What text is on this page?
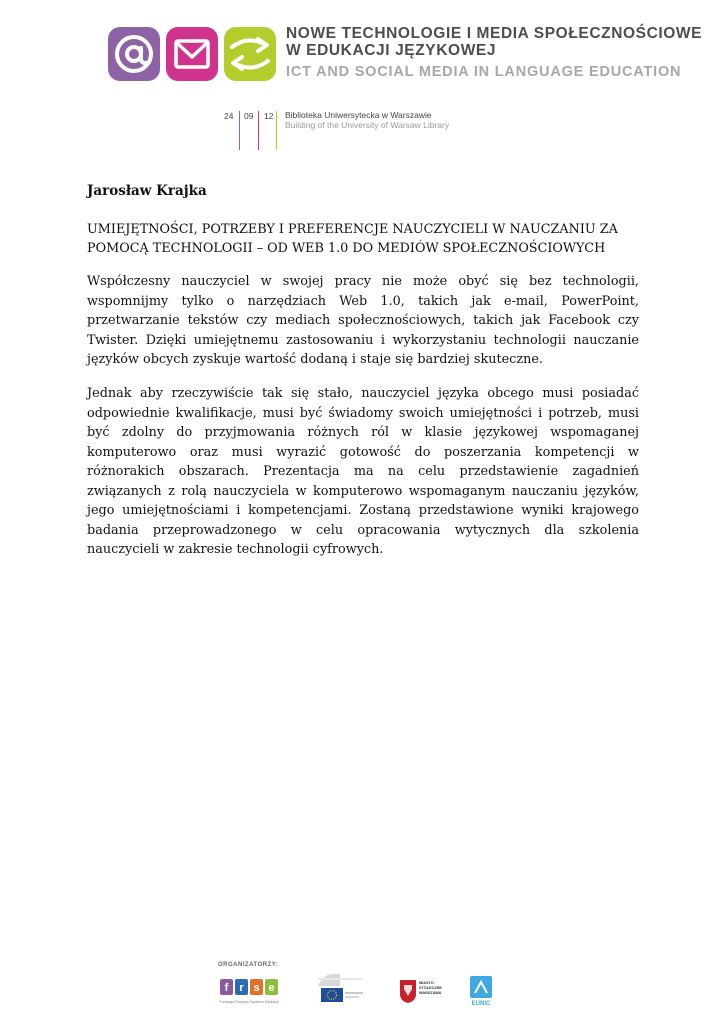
NOWE TECHNOLOGIE I MEDIA SPOŁECZNOŚCIOWE
W EDUKACJI JĘZYKOWEJ
ICT AND SOCIAL MEDIA IN LANGUAGE EDUCATION
24 09 12 Biblioteka Uniwersytecka w Warszawie
Building of the University of Warsaw Library
Jarosław Krajka
UMIEJĘTNOŚCI, POTRZEBY I PREFERENCJE NAUCZYCIELI W NAUCZANIU ZA POMOCĄ TECHNOLOGII – OD WEB 1.0 DO MEDIÓW SPOŁECZNOŚCIOWYCH
Współczesny nauczyciel w swojej pracy nie może obyć się bez technologii, wspomnijmy tylko o narzędziach Web 1.0, takich jak e-mail, PowerPoint, przetwarzanie tekstów czy mediach społecznościowych, takich jak Facebook czy Twister. Dzięki umiejętnemu zastosowaniu i wykorzystaniu technologii nauczanie języków obcych zyskuje wartość dodaną i staje się bardziej skuteczne.
Jednak aby rzeczywiście tak się stało, nauczyciel języka obcego musi posiadać odpowiednie kwalifikacje, musi być świadomy swoich umiejętności i potrzeb, musi być zdolny do przyjmowania różnych ról w klasie językowej wspomaganej komputerowo oraz musi wyrazić gotowość do poszerzania kompetencji w różnorakich obszarach. Prezentacja ma na celu przedstawienie zagadnień związanych z rolą nauczyciela w komputerowo wspomaganym nauczaniu języków, jego umiejętnościami i kompetencjami. Zostaną przedstawione wyniki krajowego badania przeprowadzonego w celu opracowania wytycznych dla szkolenia nauczycieli w zakresie technologii cyfrowych.
ORGANIZATORZY:
f r s e
Fundacja Rozwoju Systemu Edukacji
MIASTO
STOŁECZNE
WARSZAWA
EUNIC
